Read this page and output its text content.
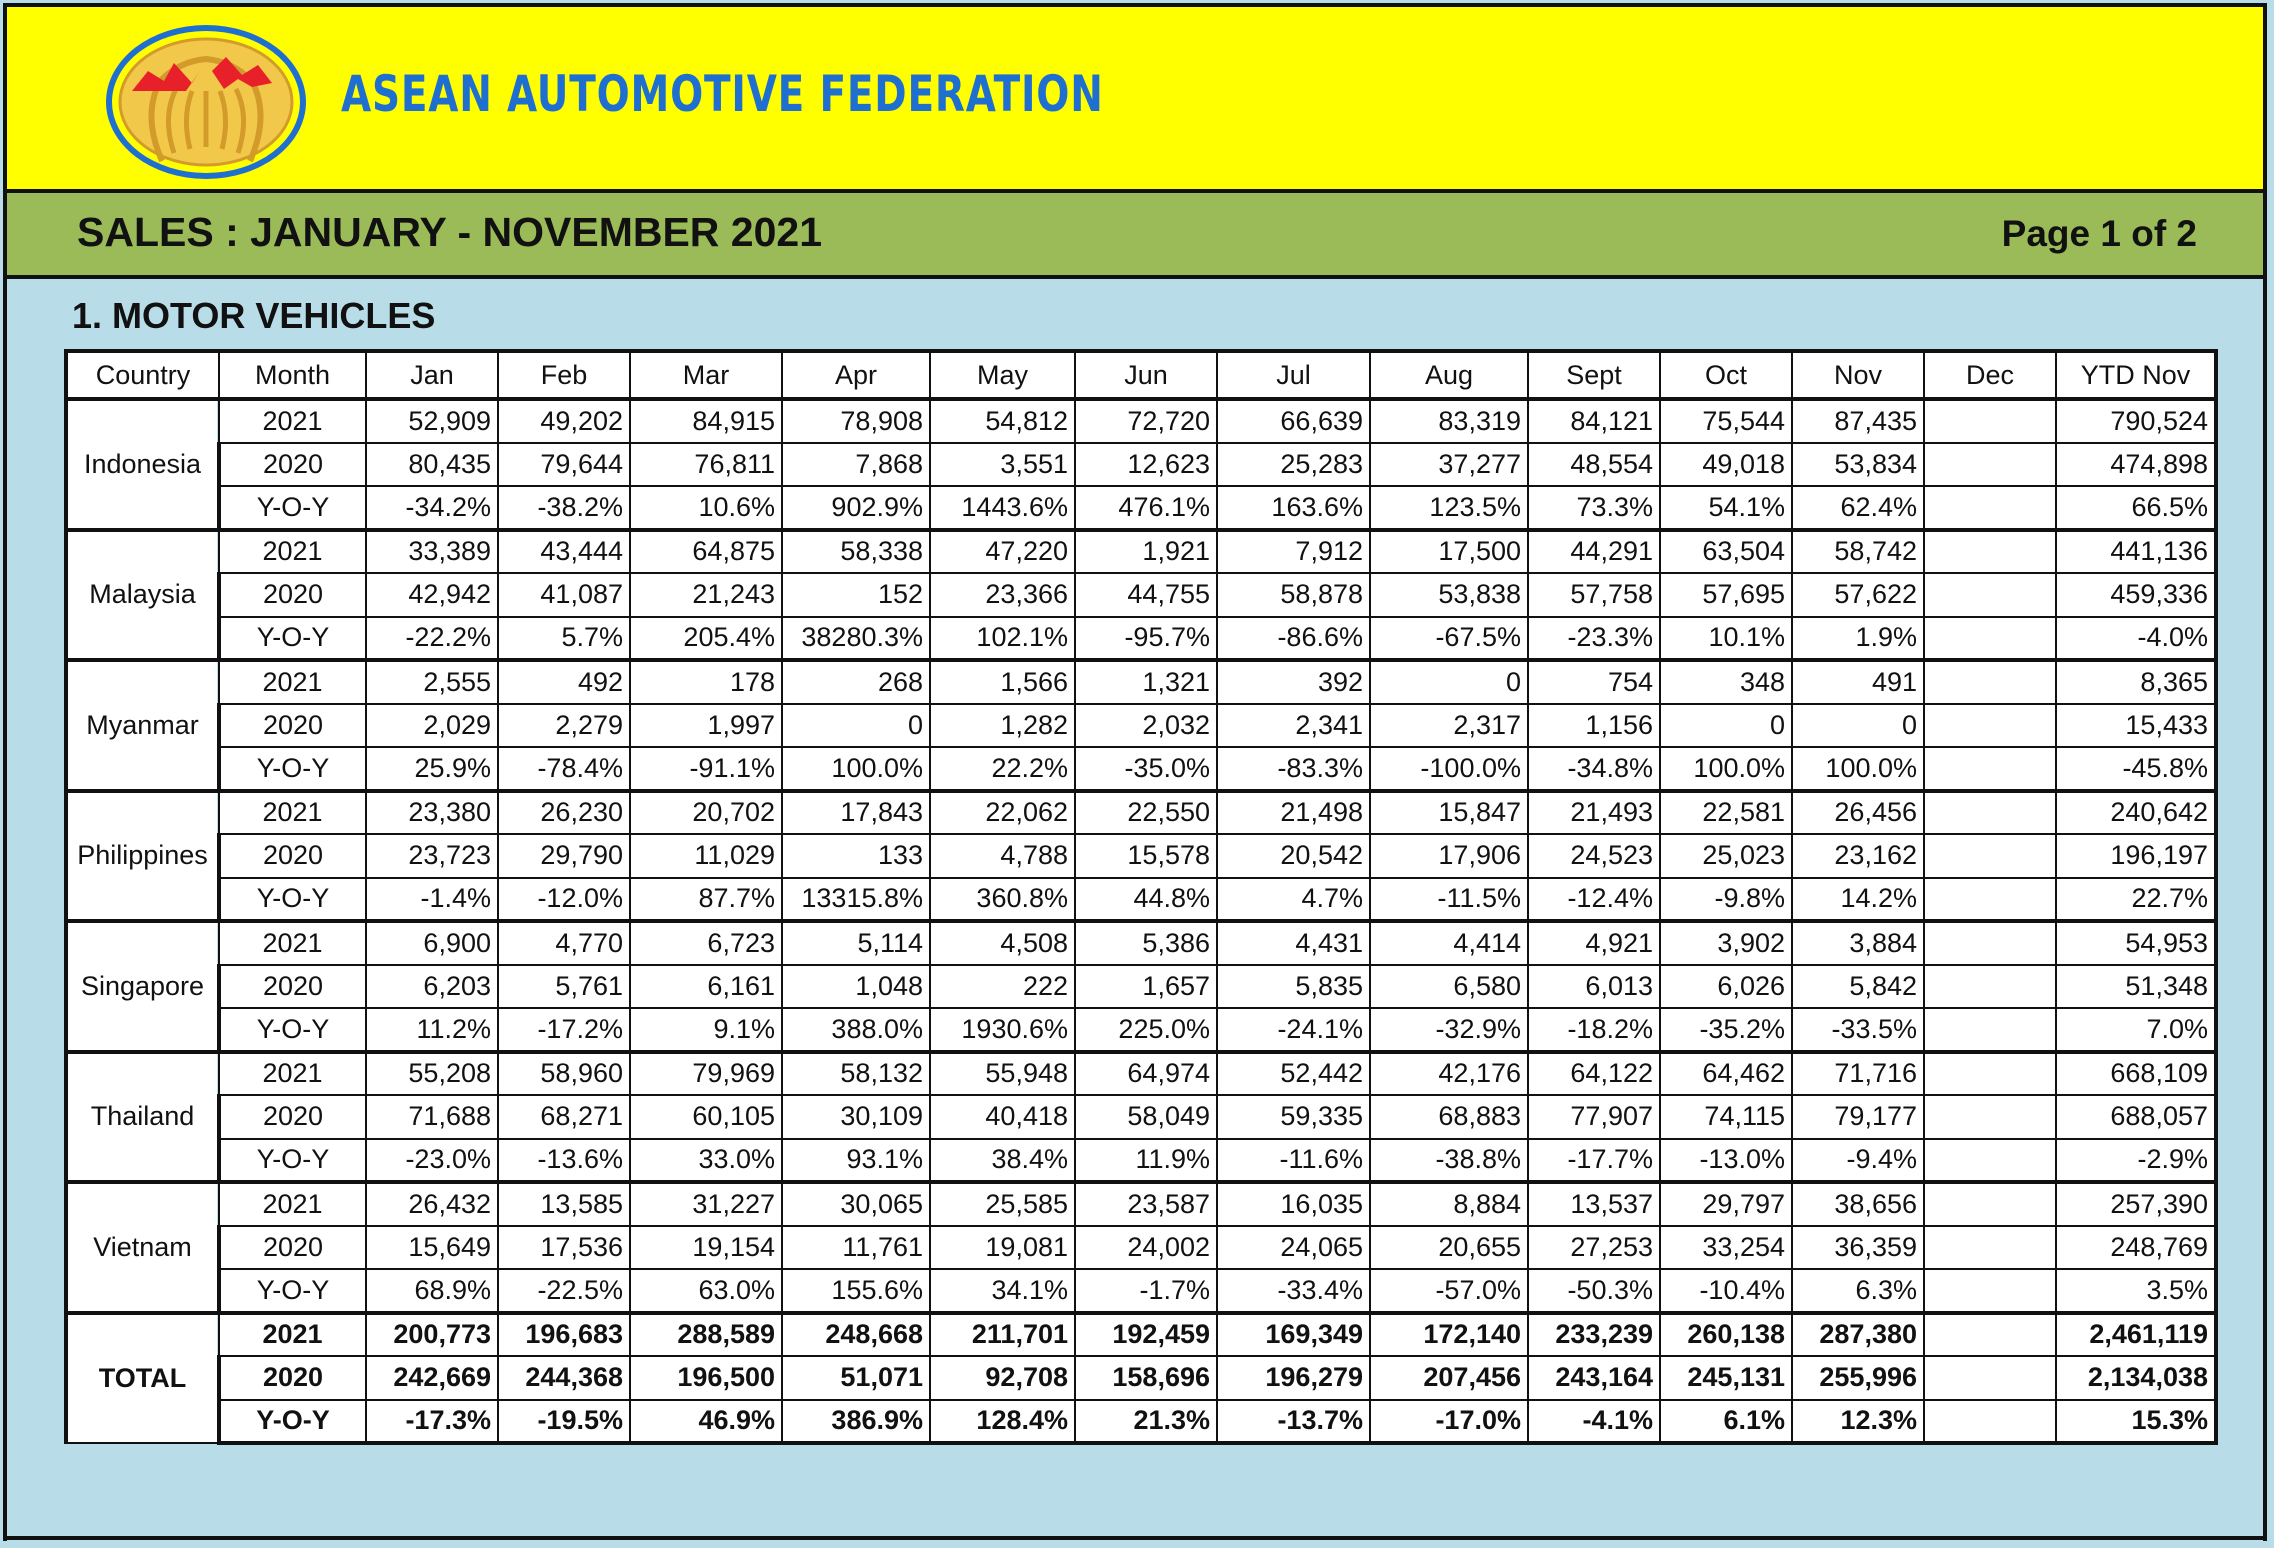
ASEAN AUTOMOTIVE FEDERATION
SALES : JANUARY - NOVEMBER 2021	Page 1 of 2
1. MOTOR VEHICLES
Country	Month	Jan	Feb	Mar	Apr	May	Jun	Jul	Aug	Sept	Oct	Nov	Dec	YTD Nov
Indonesia	2021	52,909	49,202	84,915	78,908	54,812	72,720	66,639	83,319	84,121	75,544	87,435		790,524
	2020	80,435	79,644	76,811	7,868	3,551	12,623	25,283	37,277	48,554	49,018	53,834		474,898
	Y-O-Y	-34.2%	-38.2%	10.6%	902.9%	1443.6%	476.1%	163.6%	123.5%	73.3%	54.1%	62.4%		66.5%
Malaysia	2021	33,389	43,444	64,875	58,338	47,220	1,921	7,912	17,500	44,291	63,504	58,742		441,136
	2020	42,942	41,087	21,243	152	23,366	44,755	58,878	53,838	57,758	57,695	57,622		459,336
	Y-O-Y	-22.2%	5.7%	205.4%	38280.3%	102.1%	-95.7%	-86.6%	-67.5%	-23.3%	10.1%	1.9%		-4.0%
Myanmar	2021	2,555	492	178	268	1,566	1,321	392	0	754	348	491		8,365
	2020	2,029	2,279	1,997	0	1,282	2,032	2,341	2,317	1,156	0	0		15,433
	Y-O-Y	25.9%	-78.4%	-91.1%	100.0%	22.2%	-35.0%	-83.3%	-100.0%	-34.8%	100.0%	100.0%		-45.8%
Philippines	2021	23,380	26,230	20,702	17,843	22,062	22,550	21,498	15,847	21,493	22,581	26,456		240,642
	2020	23,723	29,790	11,029	133	4,788	15,578	20,542	17,906	24,523	25,023	23,162		196,197
	Y-O-Y	-1.4%	-12.0%	87.7%	13315.8%	360.8%	44.8%	4.7%	-11.5%	-12.4%	-9.8%	14.2%		22.7%
Singapore	2021	6,900	4,770	6,723	5,114	4,508	5,386	4,431	4,414	4,921	3,902	3,884		54,953
	2020	6,203	5,761	6,161	1,048	222	1,657	5,835	6,580	6,013	6,026	5,842		51,348
	Y-O-Y	11.2%	-17.2%	9.1%	388.0%	1930.6%	225.0%	-24.1%	-32.9%	-18.2%	-35.2%	-33.5%		7.0%
Thailand	2021	55,208	58,960	79,969	58,132	55,948	64,974	52,442	42,176	64,122	64,462	71,716		668,109
	2020	71,688	68,271	60,105	30,109	40,418	58,049	59,335	68,883	77,907	74,115	79,177		688,057
	Y-O-Y	-23.0%	-13.6%	33.0%	93.1%	38.4%	11.9%	-11.6%	-38.8%	-17.7%	-13.0%	-9.4%		-2.9%
Vietnam	2021	26,432	13,585	31,227	30,065	25,585	23,587	16,035	8,884	13,537	29,797	38,656		257,390
	2020	15,649	17,536	19,154	11,761	19,081	24,002	24,065	20,655	27,253	33,254	36,359		248,769
	Y-O-Y	68.9%	-22.5%	63.0%	155.6%	34.1%	-1.7%	-33.4%	-57.0%	-50.3%	-10.4%	6.3%		3.5%
TOTAL	2021	200,773	196,683	288,589	248,668	211,701	192,459	169,349	172,140	233,239	260,138	287,380		2,461,119
	2020	242,669	244,368	196,500	51,071	92,708	158,696	196,279	207,456	243,164	245,131	255,996		2,134,038
	Y-O-Y	-17.3%	-19.5%	46.9%	386.9%	128.4%	21.3%	-13.7%	-17.0%	-4.1%	6.1%	12.3%		15.3%
